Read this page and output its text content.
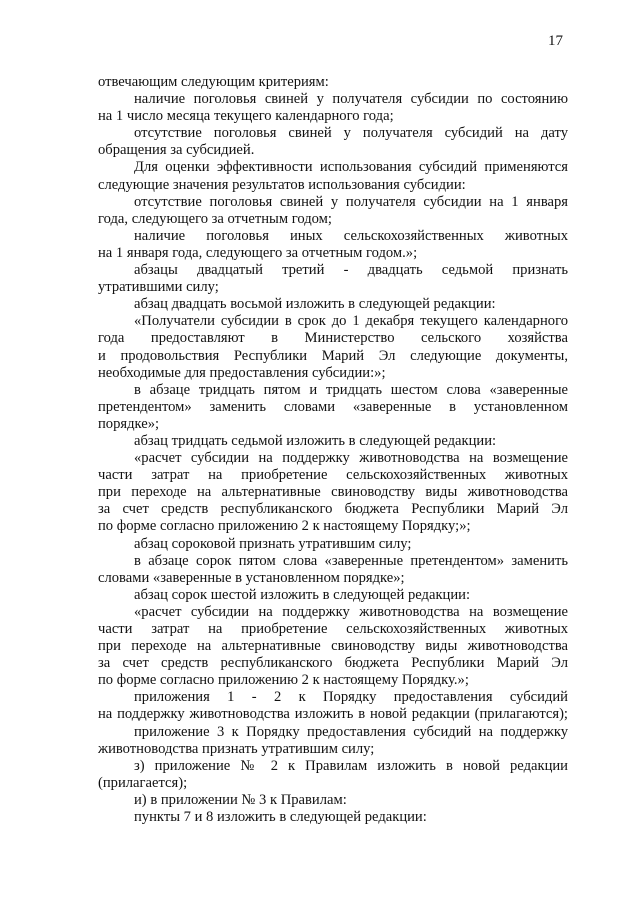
17
отвечающим следующим критериям:
наличие поголовья свиней у получателя субсидии по состоянию
на 1 число месяца текущего календарного года;
отсутствие поголовья свиней у получателя субсидий на дату
обращения за субсидией.
Для оценки эффективности использования субсидий применяются
следующие значения результатов использования субсидии:
отсутствие поголовья свиней у получателя субсидии на 1 января
года, следующего за отчетным годом;
наличие поголовья иных сельскохозяйственных животных
на 1 января года, следующего за отчетным годом.»;
абзацы двадцатый третий - двадцать седьмой признать
утратившими силу;
абзац двадцать восьмой изложить в следующей редакции:
«Получатели субсидии в срок до 1 декабря текущего календарного
года предоставляют в Министерство сельского хозяйства
и продовольствия Республики Марий Эл следующие документы,
необходимые для предоставления субсидии:»;
в абзаце тридцать пятом и тридцать шестом слова «заверенные
претендентом» заменить словами «заверенные в установленном
порядке»;
абзац тридцать седьмой изложить в следующей редакции:
«расчет субсидии на поддержку животноводства на возмещение
части затрат на приобретение сельскохозяйственных животных
при переходе на альтернативные свиноводству виды животноводства
за счет средств республиканского бюджета Республики Марий Эл
по форме согласно приложению 2 к настоящему Порядку;»;
абзац сороковой признать утратившим силу;
в абзаце сорок пятом слова «заверенные претендентом» заменить
словами «заверенные в установленном порядке»;
абзац сорок шестой изложить в следующей редакции:
«расчет субсидии на поддержку животноводства на возмещение
части затрат на приобретение сельскохозяйственных животных
при переходе на альтернативные свиноводству виды животноводства
за счет средств республиканского бюджета Республики Марий Эл
по форме согласно приложению 2 к настоящему Порядку.»;
приложения 1 - 2 к Порядку предоставления субсидий
на поддержку животноводства изложить в новой редакции (прилагаются);
приложение 3 к Порядку предоставления субсидий на поддержку
животноводства признать утратившим силу;
з) приложение № 2 к Правилам изложить в новой редакции
(прилагается);
и) в приложении № 3 к Правилам:
пункты 7 и 8 изложить в следующей редакции:
